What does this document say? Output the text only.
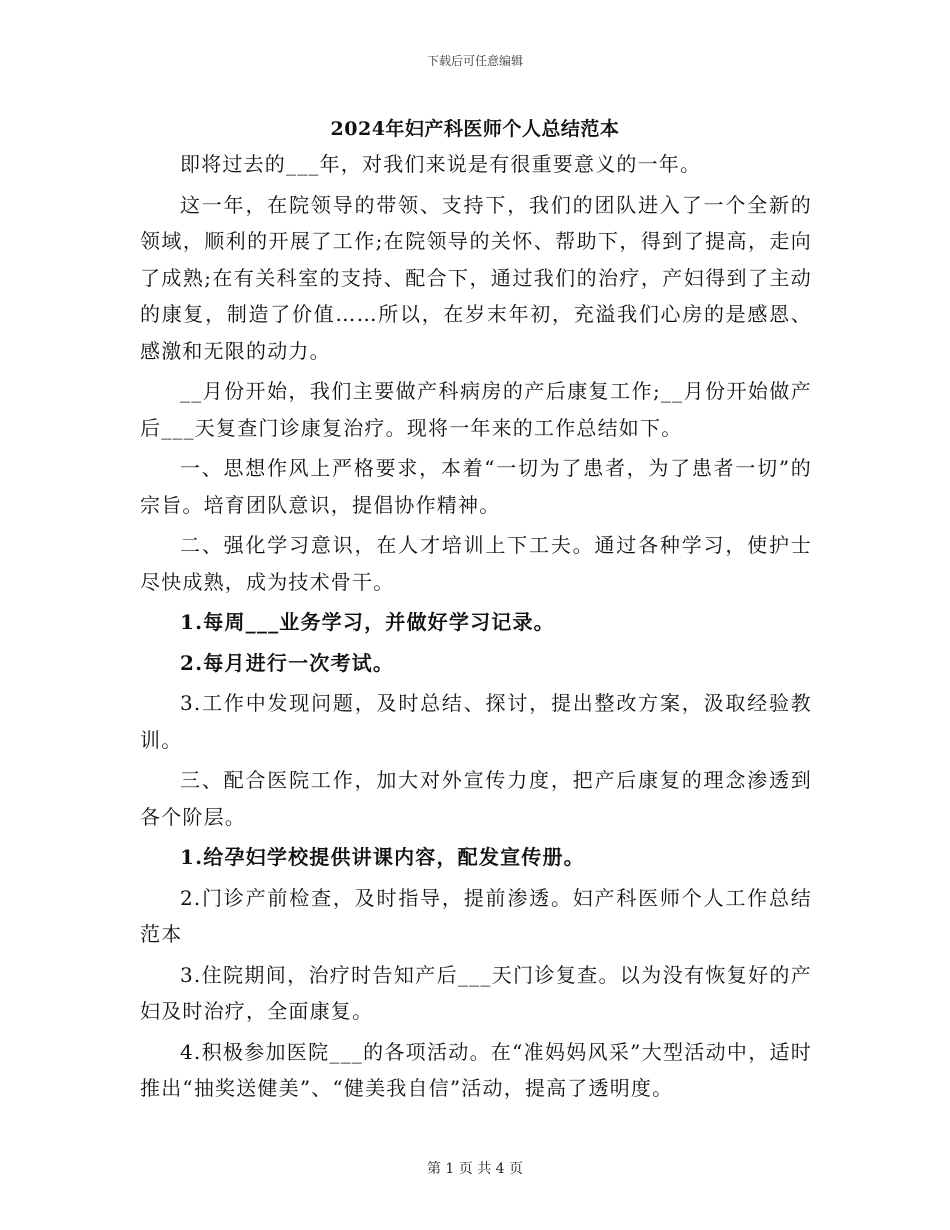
下载后可任意编辑
2024年妇产科医师个人总结范本

即将过去的___年，对我们来说是有很重要意义的一年。

这一年，在院领导的带领、支持下，我们的团队进入了一个全新的领域，顺利的开展了工作;在院领导的关怀、帮助下，得到了提高，走向了成熟;在有关科室的支持、配合下，通过我们的治疗，产妇得到了主动的康复，制造了价值……所以，在岁末年初，充溢我们心房的是感恩、感激和无限的动力。

__月份开始，我们主要做产科病房的产后康复工作;__月份开始做产后___天复查门诊康复治疗。现将一年来的工作总结如下。

一、思想作风上严格要求，本着“一切为了患者，为了患者一切”的宗旨。培育团队意识，提倡协作精神。

二、强化学习意识，在人才培训上下工夫。通过各种学习，使护士尽快成熟，成为技术骨干。

1.每周___业务学习，并做好学习记录。

2.每月进行一次考试。

3.工作中发现问题，及时总结、探讨，提出整改方案，汲取经验教训。

三、配合医院工作，加大对外宣传力度，把产后康复的理念渗透到各个阶层。

1.给孕妇学校提供讲课内容，配发宣传册。

2.门诊产前检查，及时指导，提前渗透。妇产科医师个人工作总结范本

3.住院期间，治疗时告知产后___天门诊复查。以为没有恢复好的产妇及时治疗，全面康复。

4.积极参加医院___的各项活动。在“准妈妈风采”大型活动中，适时推出“抽奖送健美”、“健美我自信”活动，提高了透明度。

第 1 页 共 4 页
